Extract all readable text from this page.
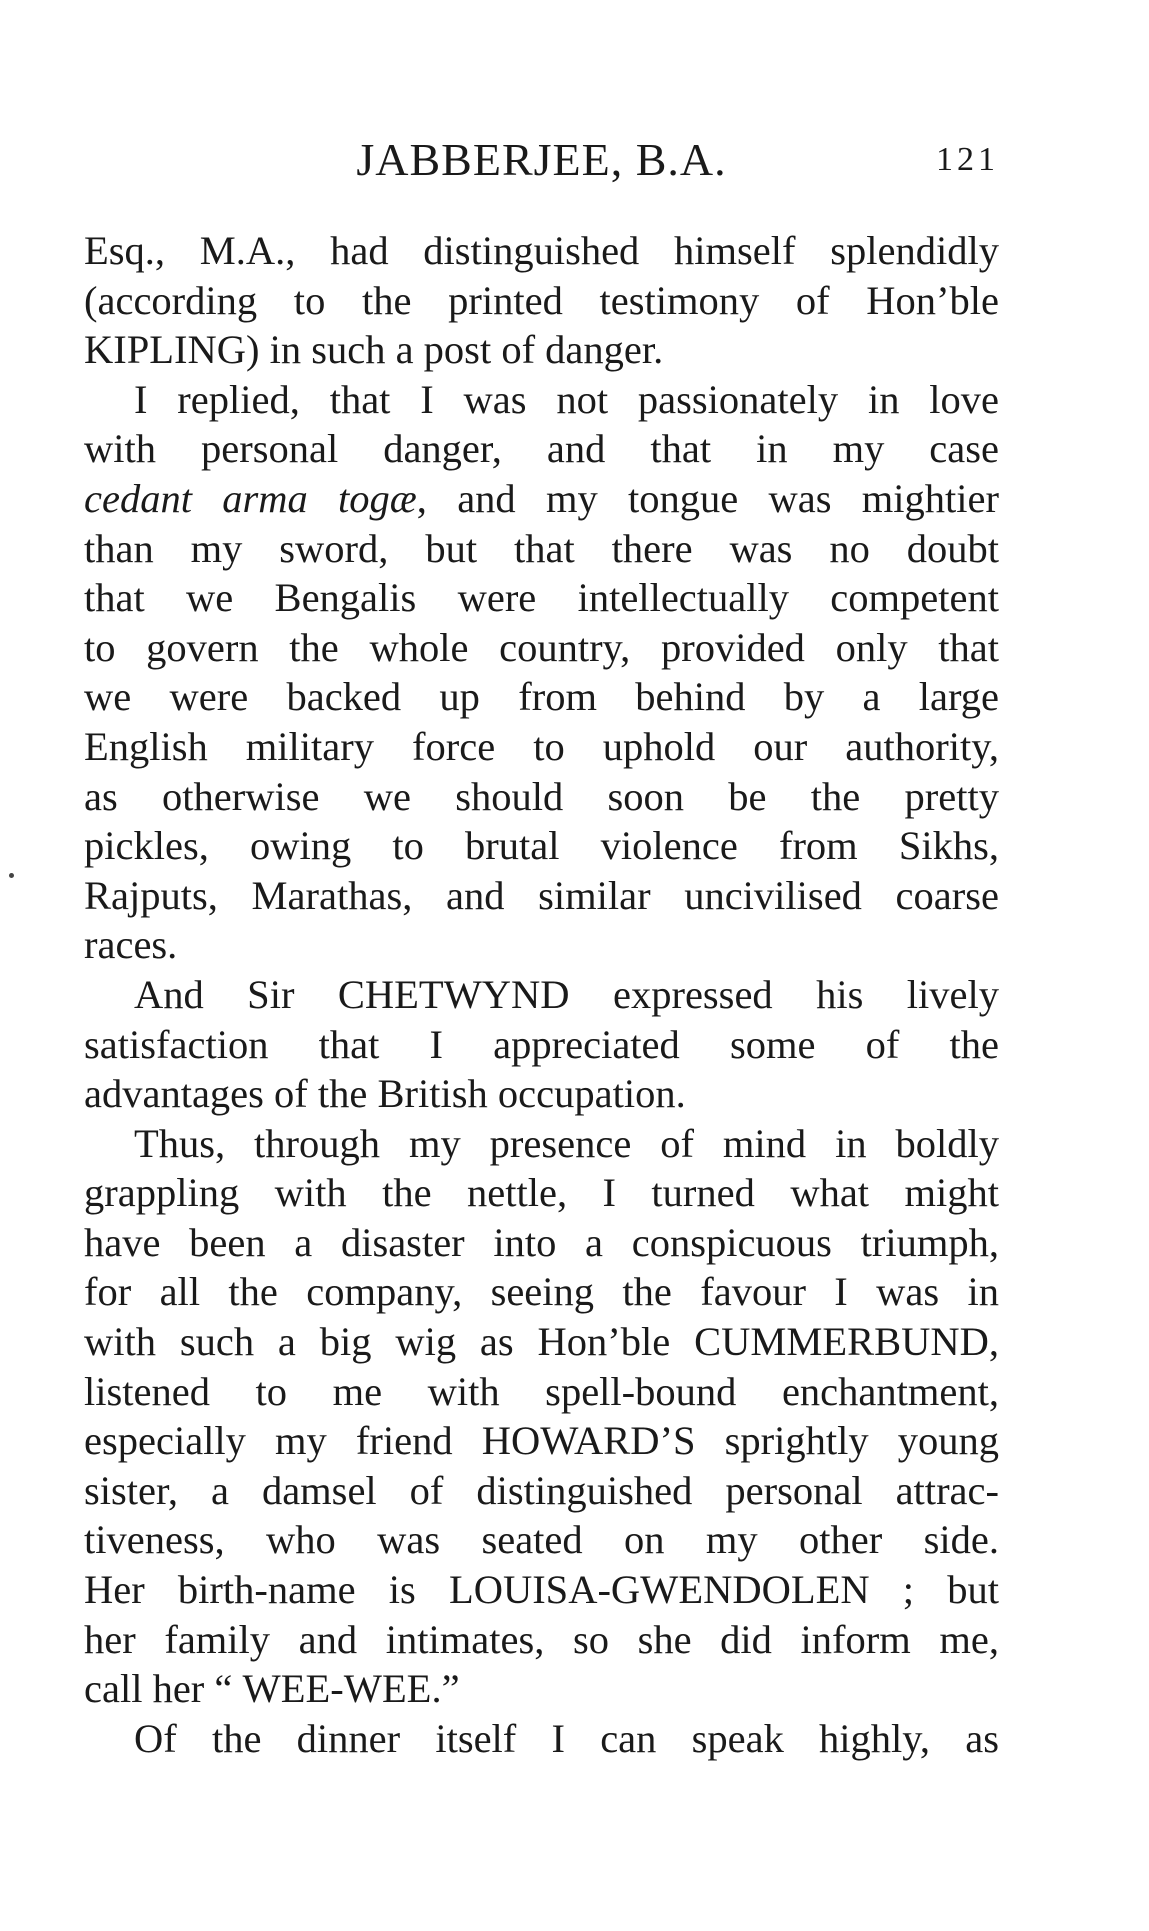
JABBERJEE, B.A.	121
Esq., M.A., had distinguished himself splendidly
(according to the printed testimony of Hon’ble
KIPLING) in such a post of danger.
I replied, that I was not passionately in love
with personal danger, and that in my case
cedant arma togæ, and my tongue was mightier
than my sword, but that there was no doubt
that we Bengalis were intellectually competent
to govern the whole country, provided only that
we were backed up from behind by a large
English military force to uphold our authority,
as otherwise we should soon be the pretty
pickles, owing to brutal violence from Sikhs,
Rajputs, Marathas, and similar uncivilised coarse
races.
And Sir CHETWYND expressed his lively
satisfaction that I appreciated some of the
advantages of the British occupation.
Thus, through my presence of mind in boldly
grappling with the nettle, I turned what might
have been a disaster into a conspicuous triumph,
for all the company, seeing the favour I was in
with such a big wig as Hon’ble CUMMERBUND,
listened to me with spell-bound enchantment,
especially my friend HOWARD’S sprightly young
sister, a damsel of distinguished personal attrac-
tiveness, who was seated on my other side.
Her birth-name is LOUISA-GWENDOLEN ; but
her family and intimates, so she did inform me,
call her “ WEE-WEE.”
Of the dinner itself I can speak highly, as
